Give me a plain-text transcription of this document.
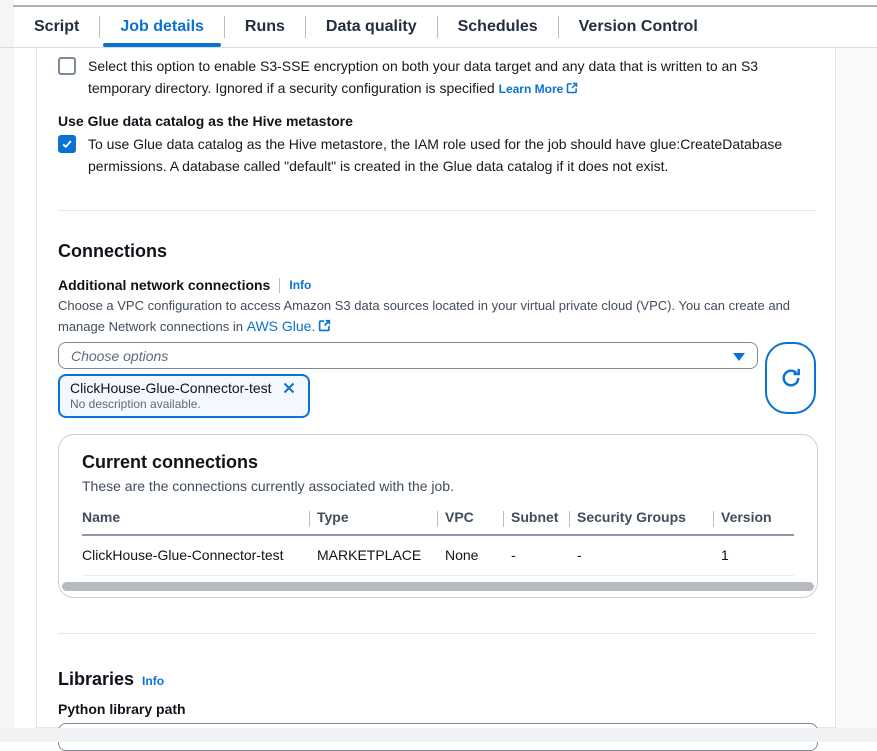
Script	Job details	Runs	Data quality	Schedules	Version Control

Select this option to enable S3-SSE encryption on both your data target and any data that is written to an S3 temporary directory. Ignored if a security configuration is specified Learn More

Use Glue data catalog as the Hive metastore

To use Glue data catalog as the Hive metastore, the IAM role used for the job should have glue:CreateDatabase permissions. A database called "default" is created in the Glue data catalog if it does not exist.

Connections
Additional network connections Info

Choose a VPC configuration to access Amazon S3 data sources located in your virtual private cloud (VPC). You can create and manage Network connections in AWS Glue.

Choose options
ClickHouse-Glue-Connector-test
No description available.
Current connections

These are the connections currently associated with the job.

Name	Type	VPC	Subnet	Security Groups	Version
ClickHouse-Glue-Connector-test	MARKETPLACE	None	-	-	1
Libraries Info
Python library path
